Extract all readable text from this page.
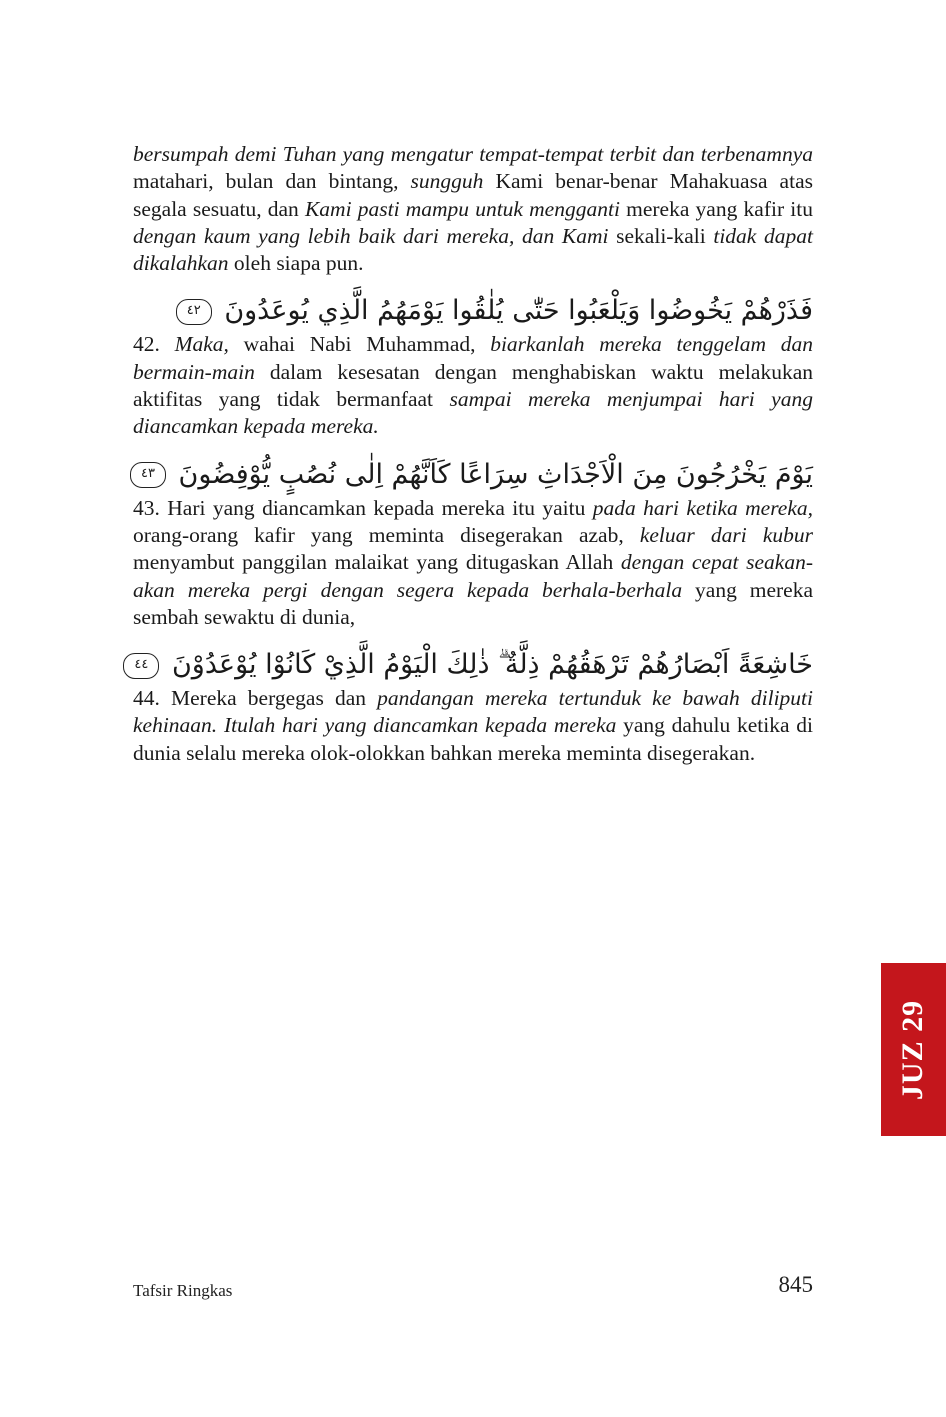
bersumpah demi Tuhan yang mengatur tempat-tempat terbit dan terbenamnya matahari, bulan dan bintang, sungguh Kami benar-benar Mahakuasa atas segala sesuatu, dan Kami pasti mampu untuk mengganti mereka yang kafir itu dengan kaum yang lebih baik dari mereka, dan Kami sekali-kali tidak dapat dikalahkan oleh siapa pun.

فَذَرْهُمْ يَخُوضُوا وَيَلْعَبُوا حَتّٰى يُلٰقُوا يَوْمَهُمُ الَّذِي يُوعَدُونَ ٤٢

42. Maka, wahai Nabi Muhammad, biarkanlah mereka tenggelam dan bermain-main dalam kesesatan dengan menghabiskan waktu melakukan aktifitas yang tidak bermanfaat sampai mereka menjumpai hari yang diancamkan kepada mereka.

يَوْمَ يَخْرُجُونَ مِنَ الْاَجْدَاثِ سِرَاعًا كَاَنَّهُمْ اِلٰى نُصُبٍ يُّوْفِضُونَ ٤٣

43. Hari yang diancamkan kepada mereka itu yaitu pada hari ketika mereka, orang-orang kafir yang meminta disegerakan azab, keluar dari kubur menyambut panggilan malaikat yang ditugaskan Allah dengan cepat seakan-akan mereka pergi dengan segera kepada berhala-berhala yang mereka sembah sewaktu di dunia,

خَاشِعَةً اَبْصَارُهُمْ تَرْهَقُهُمْ ذِلَّةٌ ۗ ذٰلِكَ الْيَوْمُ الَّذِيْ كَانُوْا يُوْعَدُوْنَ ٤٤

44. Mereka bergegas dan pandangan mereka tertunduk ke bawah diliputi kehinaan. Itulah hari yang diancamkan kepada mereka yang dahulu ketika di dunia selalu mereka olok-olokkan bahkan mereka meminta disegerakan.

JUZ 29
Tafsir Ringkas	845
